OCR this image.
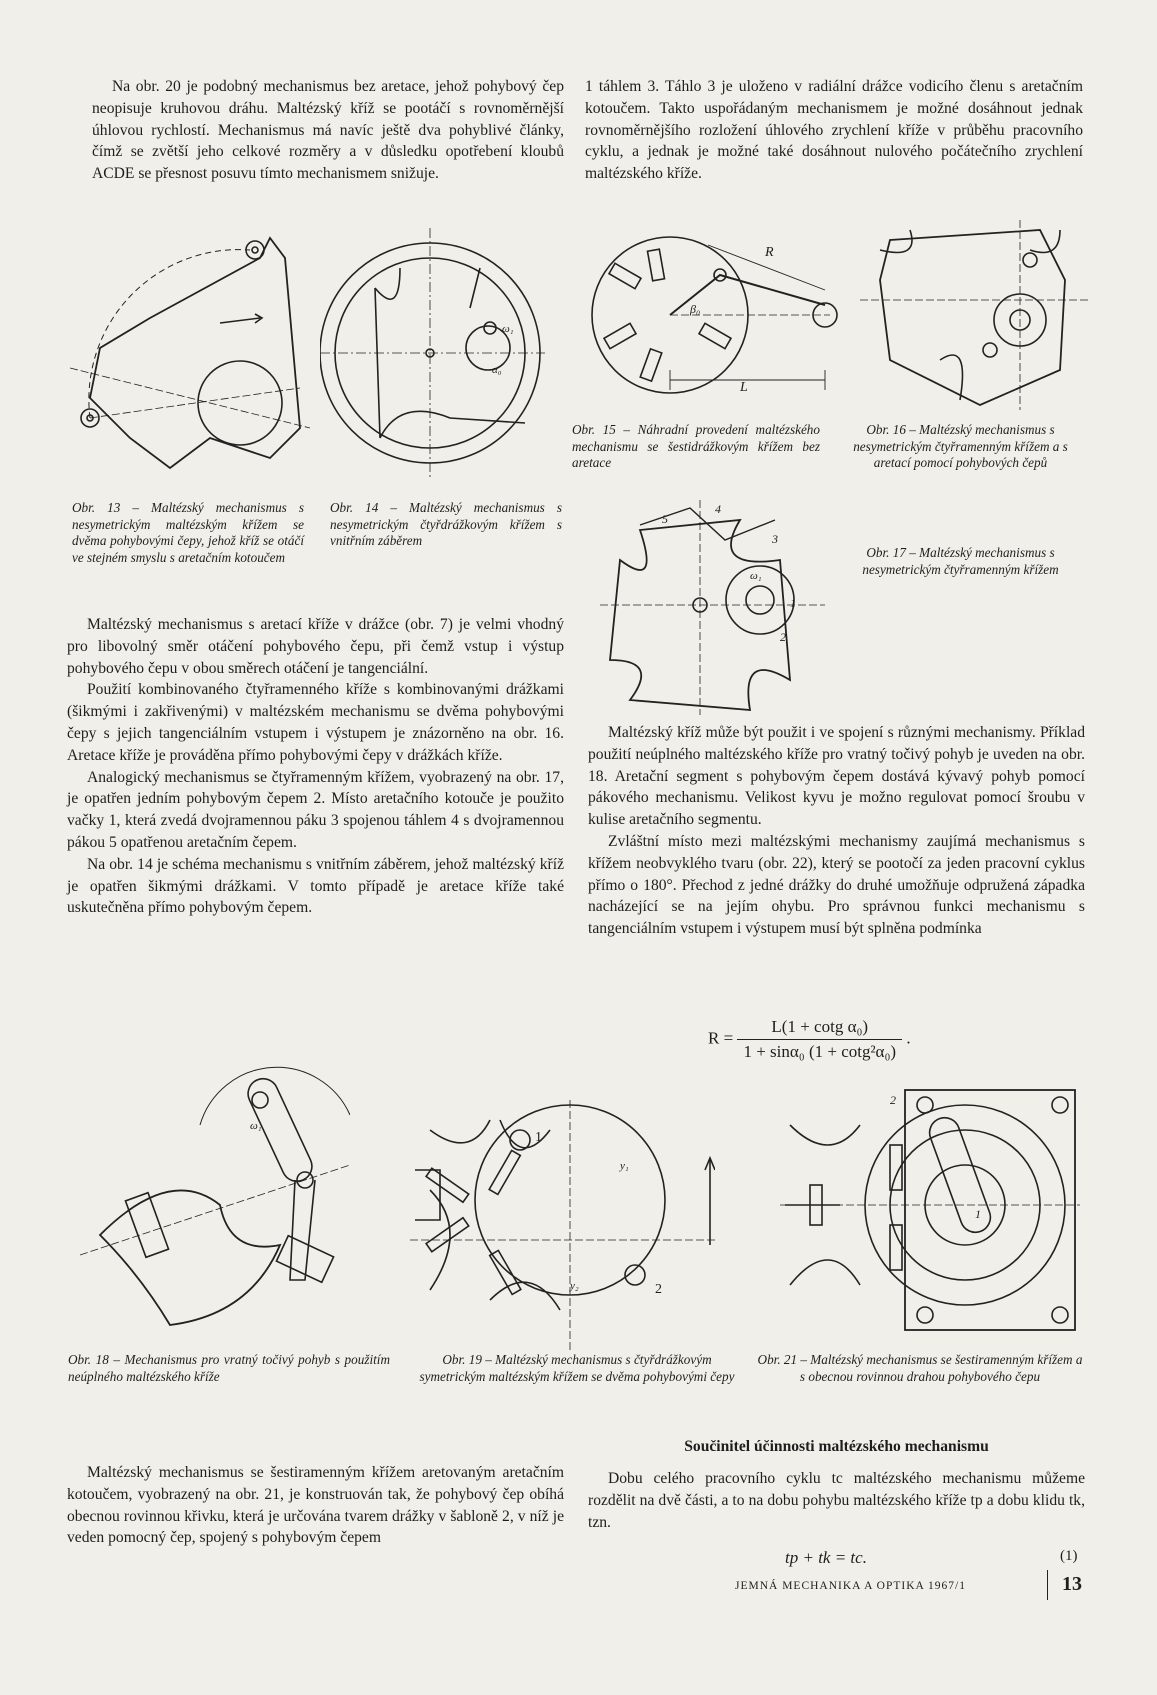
Na obr. 20 je podobný mechanismus bez aretace, jehož pohybový čep neopisuje kruhovou dráhu. Maltézský kříž se pootáčí s rovnoměrnější úhlovou rychlostí. Mechanismus má navíc ještě dva pohyblivé články, čímž se zvětší jeho celkové rozměry a v důsledku opotřebení kloubů ACDE se přesnost posuvu tímto mechanismem snižuje.

1 táhlem 3. Táhlo 3 je uloženo v radiální drážce vodicího členu s aretačním kotoučem. Takto uspořádaným mechanismem je možné dosáhnout jednak rovnoměrnějšího rozložení úhlového zrychlení kříže v průběhu pracovního cyklu, a jednak je možné také dosáhnout nulového počátečního zrychlení maltézského kříže.

α₀
ω₁
Obr. 13 – Maltézský mechanismus s nesymetrickým maltézským křížem se dvěma pohybovými čepy, jehož kříž se otáčí ve stejném smyslu s aretačním kotoučem
Obr. 14 – Maltézský mechanismus s nesymetrickým čtyřdrážkovým křížem s vnitřním záběrem
R
L
β₀
Obr. 15 – Náhradní provedení maltézského mechanismu se šestidrážkovým křížem bez aretace
Obr. 16 – Maltézský mechanismus s nesymetrickým čtyřramenným křížem a s aretací pomocí pohybových čepů
5
4
3
1
2
ω₁
Obr. 17 – Maltézský mechanismus s nesymetrickým čtyřramenným křížem

Maltézský mechanismus s aretací kříže v drážce (obr. 7) je velmi vhodný pro libovolný směr otáčení pohybového čepu, při čemž vstup i výstup pohybového čepu v obou směrech otáčení je tangenciální.

Použití kombinovaného čtyřramenného kříže s kombinovanými drážkami (šikmými i zakřivenými) v maltézském mechanismu se dvěma pohybovými čepy s jejich tangenciálním vstupem i výstupem je znázorněno na obr. 16. Aretace kříže je prováděna přímo pohybovými čepy v drážkách kříže.

Analogický mechanismus se čtyřramenným křížem, vyobrazený na obr. 17, je opatřen jedním pohybovým čepem 2. Místo aretačního kotouče je použito vačky 1, která zvedá dvojramennou páku 3 spojenou táhlem 4 s dvojramennou pákou 5 opatřenou aretačním čepem.

Na obr. 14 je schéma mechanismu s vnitřním záběrem, jehož maltézský kříž je opatřen šikmými drážkami. V tomto případě je aretace kříže také uskutečněna přímo pohybovým čepem.

Maltézský kříž může být použit i ve spojení s různými mechanismy. Příklad použití neúplného maltézského kříže pro vratný točivý pohyb je uveden na obr. 18. Aretační segment s pohybovým čepem dostává kývavý pohyb pomocí pákového mechanismu. Velikost kyvu je možno regulovat pomocí šroubu v kulise aretačního segmentu.

Zvláštní místo mezi maltézskými mechanismy zaujímá mechanismus s křížem neobvyklého tvaru (obr. 22), který se pootočí za jeden pracovní cyklus přímo o 180°. Přechod z jedné drážky do druhé umožňuje odpružená západka nacházející se na jejím ohybu. Pro správnou funkci mechanismu s tangenciálním vstupem i výstupem musí být splněna podmínka

$R = \frac{\text{L(1 + cotg α₀)}}{\text{1 + sinα₀ (1 + cotg²α₀)}}$ .
ω₁
1
2
y₁
y₂
2
1
Obr. 18 – Mechanismus pro vratný točivý pohyb s použitím neúplného maltézského kříže
Obr. 19 – Maltézský mechanismus s čtyřdrážkovým symetrickým maltézským křížem se dvěma pohybovými čepy
Obr. 21 – Maltézský mechanismus se šestiramenným křížem a s obecnou rovinnou drahou pohybového čepu

Maltézský mechanismus se šestiramenným křížem aretovaným aretačním kotoučem, vyobrazený na obr. 21, je konstruován tak, že pohybový čep obíhá obecnou rovinnou křivku, která je určována tvarem drážky v šabloně 2, v níž je veden pomocný čep, spojený s pohybovým čepem

Součinitel účinnosti maltézského mechanismu

Dobu celého pracovního cyklu tc maltézského mechanismu můžeme rozdělit na dvě části, a to na dobu pohybu maltézského kříže tp a dobu klidu tk, tzn.

tp + tk = tc.	(1)
JEMNÁ MECHANIKA A OPTIKA 1967/1	13
